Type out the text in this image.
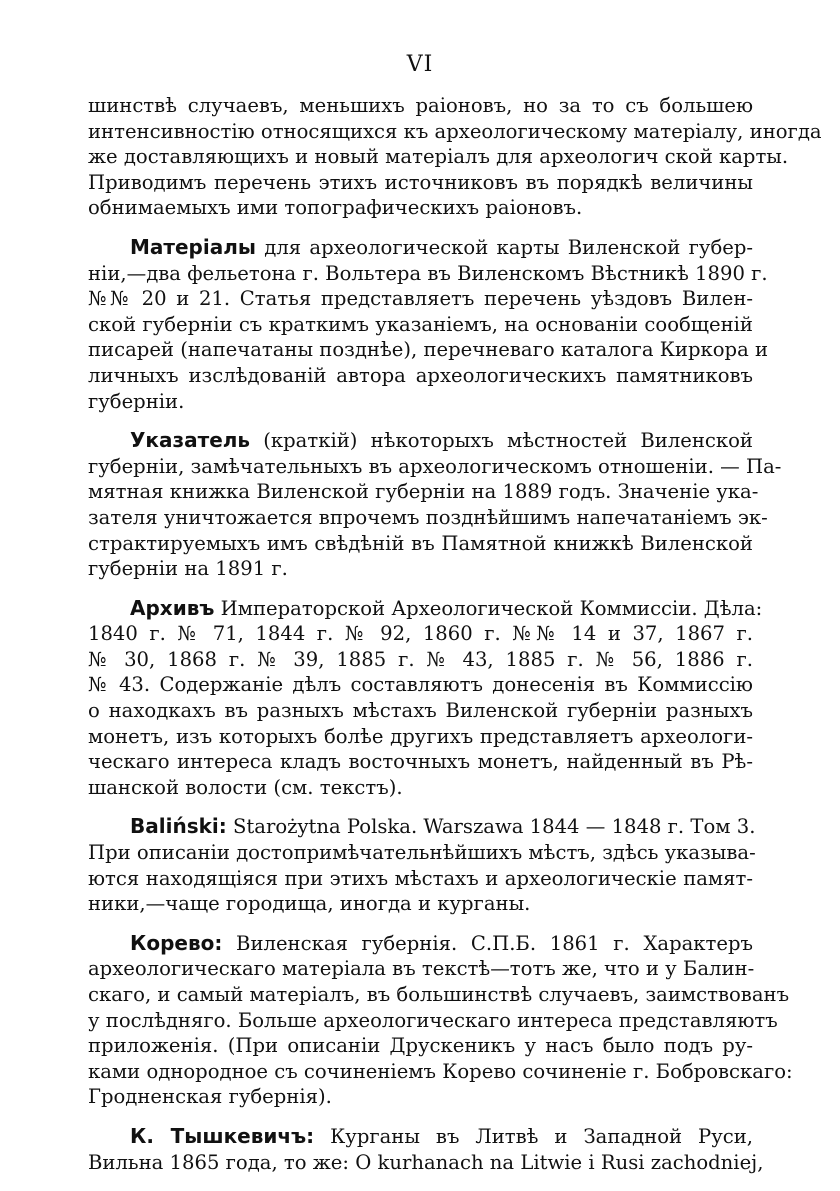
VI
шинствѣ случаевъ, меньшихъ раіоновъ, но за то съ большею
интенсивностію относящихся къ археологическому матеріалу, иногда
же доставляющихъ и новый матеріалъ для археологич ской карты.
Приводимъ перечень этихъ источниковъ въ порядкѣ величины
обнимаемыхъ ими топографическихъ раіоновъ.
Матеріалы для археологической карты Виленской губер-
ніи,—два фельетона г. Вольтера въ Виленскомъ Вѣстникѣ 1890 г.
№№ 20 и 21. Статья представляетъ перечень уѣздовъ Вилен-
ской губерніи съ краткимъ указаніемъ, на основаніи сообщеній
писарей (напечатаны позднѣе), перечневаго каталога Киркора и
личныхъ изслѣдованій автора археологическихъ памятниковъ
губерніи.
Указатель (краткій) нѣкоторыхъ мѣстностей Виленской
губерніи, замѣчательныхъ въ археологическомъ отношеніи. — Па-
мятная книжка Виленской губерніи на 1889 годъ. Значеніе ука-
зателя уничтожается впрочемъ позднѣйшимъ напечатаніемъ эк-
страктируемыхъ имъ свѣдѣній въ Памятной книжкѣ Виленской
губерніи на 1891 г.
Архивъ Императорской Археологической Коммиссіи. Дѣла:
1840 г. № 71, 1844 г. № 92, 1860 г. №№ 14 и 37, 1867 г.
№ 30, 1868 г. № 39, 1885 г. № 43, 1885 г. № 56, 1886 г.
№ 43. Содержаніе дѣлъ составляютъ донесенія въ Коммиссію
о находкахъ въ разныхъ мѣстахъ Виленской губерніи разныхъ
монетъ, изъ которыхъ болѣе другихъ представляетъ археологи-
ческаго интереса кладъ восточныхъ монетъ, найденный въ Рѣ-
шанской волости (см. текстъ).
Baliński: Starożytna Polska. Warszawa 1844 — 1848 г. Том 3.
При описаніи достопримѣчательнѣйшихъ мѣстъ, здѣсь указыва-
ются находящіяся при этихъ мѣстахъ и археологическіе памят-
ники,—чаще городища, иногда и курганы.
Корево: Виленская губернія. С.П.Б. 1861 г. Характеръ
археологическаго матеріала въ текстѣ—тотъ же, что и у Балин-
скаго, и самый матеріалъ, въ большинствѣ случаевъ, заимствованъ
у послѣдняго. Больше археологическаго интереса представляютъ
приложенія. (При описаніи Друскеникъ у насъ было подъ ру-
ками однородное съ сочиненіемъ Корево сочиненіе г. Бобровскаго:
Гродненская губернія).
К. Тышкевичъ: Курганы въ Литвѣ и Западной Руси,
Вильна 1865 года, то же: О kurhanach na Litwie i Rusi zachodniej,
